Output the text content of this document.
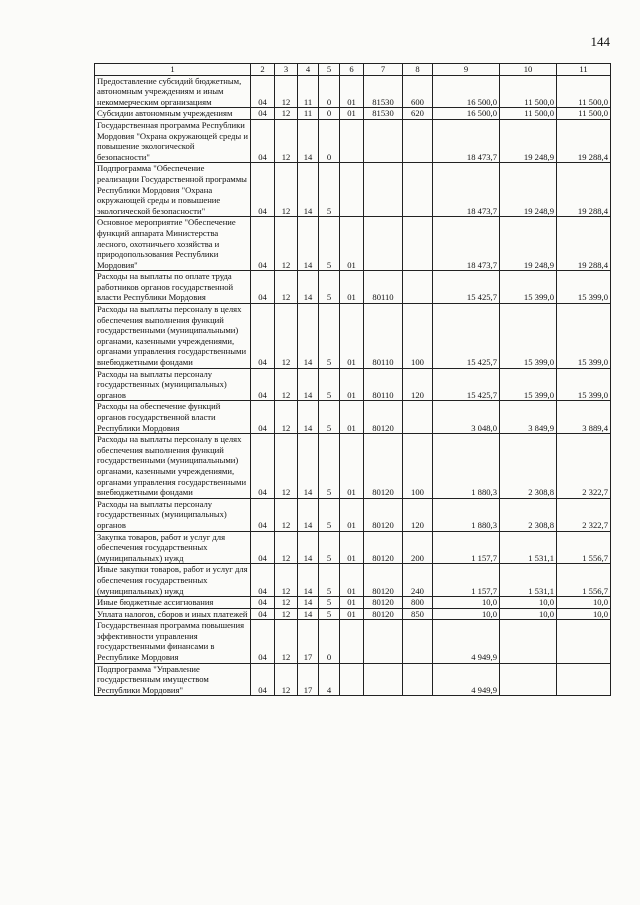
144
1	2	3	4	5	6	7	8	9	10	11
Предоставление субсидий бюджетным, автономным учреждениям и иным некоммерческим организациям	04	12	11	0	01	81530	600	16 500,0	11 500,0	11 500,0
Субсидии автономным учреждениям	04	12	11	0	01	81530	620	16 500,0	11 500,0	11 500,0
Государственная программа Республики Мордовия "Охрана окружающей среды и повышение экологической безопасности"	04	12	14	0				18 473,7	19 248,9	19 288,4
Подпрограмма "Обеспечение реализации Государственной программы Республики Мордовия "Охрана окружающей среды и повышение экологической безопасности"	04	12	14	5				18 473,7	19 248,9	19 288,4
Основное мероприятие "Обеспечение функций аппарата Министерства лесного, охотничьего хозяйства и природопользования Республики Мордовия"	04	12	14	5	01			18 473,7	19 248,9	19 288,4
Расходы на выплаты по оплате труда работников органов государственной власти Республики Мордовия	04	12	14	5	01	80110		15 425,7	15 399,0	15 399,0
Расходы на выплаты персоналу в целях обеспечения выполнения функций государственными (муниципальными) органами, казенными учреждениями, органами управления государственными внебюджетными фондами	04	12	14	5	01	80110	100	15 425,7	15 399,0	15 399,0
Расходы на выплаты персоналу государственных (муниципальных) органов	04	12	14	5	01	80110	120	15 425,7	15 399,0	15 399,0
Расходы на обеспечение функций органов государственной власти Республики Мордовия	04	12	14	5	01	80120		3 048,0	3 849,9	3 889,4
Расходы на выплаты персоналу в целях обеспечения выполнения функций государственными (муниципальными) органами, казенными учреждениями, органами управления государственными внебюджетными фондами	04	12	14	5	01	80120	100	1 880,3	2 308,8	2 322,7
Расходы на выплаты персоналу государственных (муниципальных) органов	04	12	14	5	01	80120	120	1 880,3	2 308,8	2 322,7
Закупка товаров, работ и услуг для обеспечения государственных (муниципальных) нужд	04	12	14	5	01	80120	200	1 157,7	1 531,1	1 556,7
Иные закупки товаров, работ и услуг для обеспечения государственных (муниципальных) нужд	04	12	14	5	01	80120	240	1 157,7	1 531,1	1 556,7
Иные бюджетные ассигнования	04	12	14	5	01	80120	800	10,0	10,0	10,0
Уплата налогов, сборов и иных платежей	04	12	14	5	01	80120	850	10,0	10,0	10,0
Государственная программа повышения эффективности управления государственными финансами в Республике Мордовия	04	12	17	0				4 949,9		
Подпрограмма "Управление государственным имуществом Республики Мордовия"	04	12	17	4				4 949,9		
